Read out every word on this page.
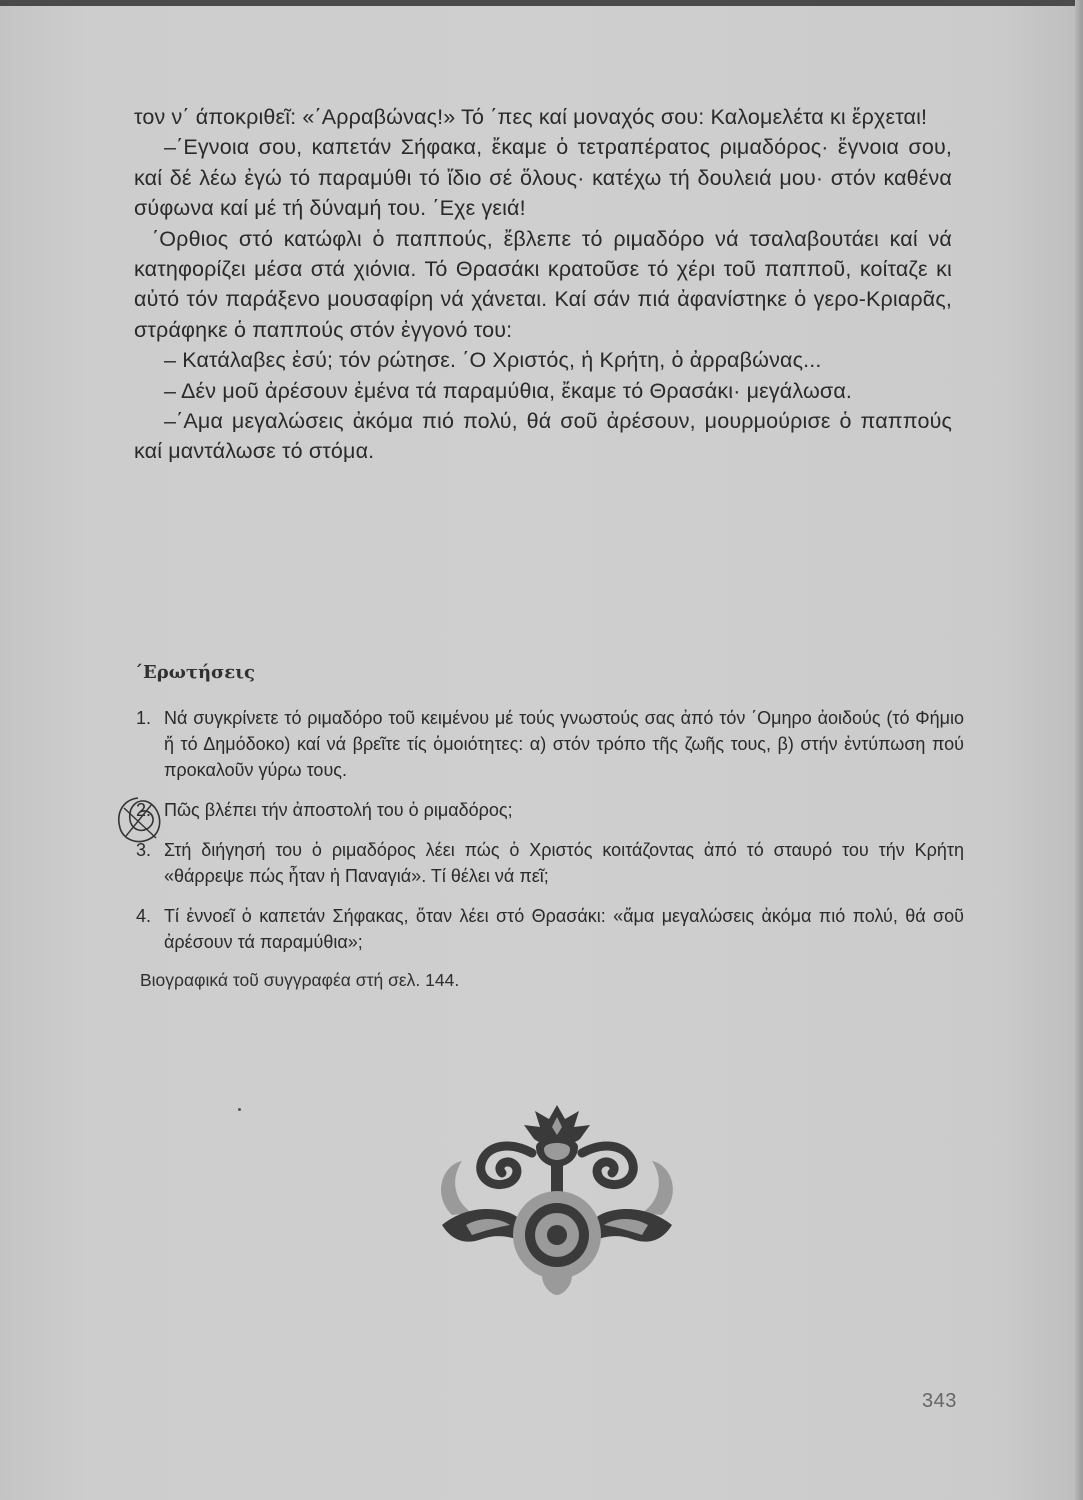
τον ν΄ άποκριθεῖ: «΄Αρραβώνας!» Τό ΄πες καί μοναχός σου: Καλομελέτα κι ἔρχεται!

–΄Εγνοια σου, καπετάν Σήφακα, ἔκαμε ὁ τετραπέρατος ριμαδόρος· ἔγνοια σου, καί δέ λέω ἐγώ τό παραμύθι τό ἴδιο σέ ὅλους· κατέχω τή δουλειά μου· στόν καθένα σύφωνα καί μέ τή δύναμή του. ΄Εχε γειά!

΄Ορθιος στό κατώφλι ὁ παππούς, ἔβλεπε τό ριμαδόρο νά τσαλαβουτάει καί νά κατηφορίζει μέσα στά χιόνια. Τό Θρασάκι κρατοῦσε τό χέρι τοῦ παπποῦ, κοίταζε κι αὐτό τόν παράξενο μουσαφίρη νά χάνεται. Καί σάν πιά ἀφανίστηκε ὁ γερο-Κριαρᾶς, στράφηκε ὁ παππούς στόν ἐγγονό του:

– Κατάλαβες ἐσύ; τόν ρώτησε. ΄Ο Χριστός, ἡ Κρήτη, ὁ ἀρραβώνας...

– Δέν μοῦ ἀρέσουν ἐμένα τά παραμύθια, ἔκαμε τό Θρασάκι· μεγάλωσα.

–΄Αμα μεγαλώσεις ἀκόμα πιό πολύ, θά σοῦ ἀρέσουν, μουρμούρισε ὁ παππούς καί μαντάλωσε τό στόμα.

΄Ερωτήσεις
1. Νά συγκρίνετε τό ριμαδόρο τοῦ κειμένου μέ τούς γνωστούς σας ἀπό τόν ΄Ομηρο ἀοιδούς (τό Φήμιο ἤ τό Δημόδοκο) καί νά βρεῖτε τίς ὁμοιότητες: α) στόν τρόπο τῆς ζωῆς τους, β) στήν ἐντύπωση πού προκαλοῦν γύρω τους.
2. Πῶς βλέπει τήν ἀποστολή του ὁ ριμαδόρος;
3. Στή διήγησή του ὁ ριμαδόρος λέει πώς ὁ Χριστός κοιτάζοντας ἀπό τό σταυρό του τήν Κρήτη «θάρρεψε πώς ἦταν ἡ Παναγιά». Τί θέλει νά πεῖ;
4. Τί ἐννοεῖ ὁ καπετάν Σήφακας, ὅταν λέει στό Θρασάκι: «ἄμα μεγαλώσεις ἀκόμα πιό πολύ, θά σοῦ ἀρέσουν τά παραμύθια»;
Βιογραφικά τοῦ συγγραφέα στή σελ. 144.
343
